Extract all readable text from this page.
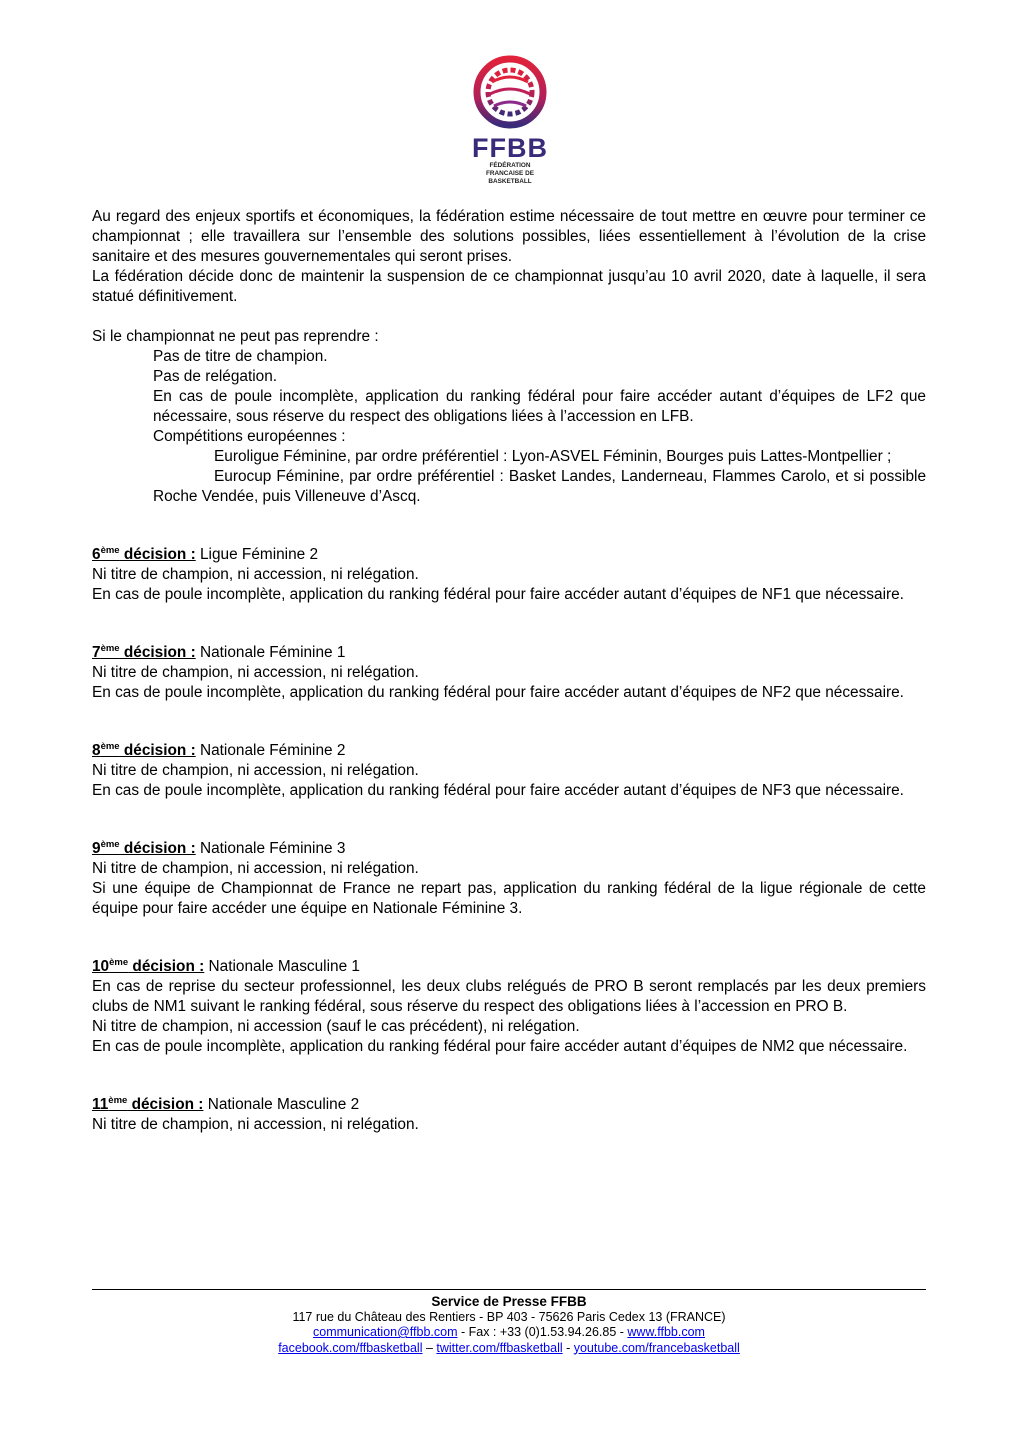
FFBB
FÉDÉRATION
FRANCAISE DE
BASKETBALL

Au regard des enjeux sportifs et économiques, la fédération estime nécessaire de tout mettre en œuvre pour terminer ce championnat ; elle travaillera sur l’ensemble des solutions possibles, liées essentiellement à l’évolution de la crise sanitaire et des mesures gouvernementales qui seront prises.

La fédération décide donc de maintenir la suspension de ce championnat jusqu’au 10 avril 2020, date à laquelle, il sera statué définitivement.

Si le championnat ne peut pas reprendre :

Pas de titre de champion.

Pas de relégation.

En cas de poule incomplète, application du ranking fédéral pour faire accéder autant d’équipes de LF2 que nécessaire, sous réserve du respect des obligations liées à l’accession en LFB.

Compétitions européennes :

Euroligue Féminine, par ordre préférentiel : Lyon-ASVEL Féminin, Bourges puis Lattes-Montpellier ;

Eurocup Féminine, par ordre préférentiel : Basket Landes, Landerneau, Flammes Carolo, et si possible Roche Vendée, puis Villeneuve d’Ascq.

6ème décision : Ligue Féminine 2

Ni titre de champion, ni accession, ni relégation.

En cas de poule incomplète, application du ranking fédéral pour faire accéder autant d’équipes de NF1 que nécessaire.

7ème décision : Nationale Féminine 1

Ni titre de champion, ni accession, ni relégation.

En cas de poule incomplète, application du ranking fédéral pour faire accéder autant d’équipes de NF2 que nécessaire.

8ème décision : Nationale Féminine 2

Ni titre de champion, ni accession, ni relégation.

En cas de poule incomplète, application du ranking fédéral pour faire accéder autant d’équipes de NF3 que nécessaire.

9ème décision : Nationale Féminine 3

Ni titre de champion, ni accession, ni relégation.

Si une équipe de Championnat de France ne repart pas, application du ranking fédéral de la ligue régionale de cette équipe pour faire accéder une équipe en Nationale Féminine 3.

10ème décision : Nationale Masculine 1

En cas de reprise du secteur professionnel, les deux clubs relégués de PRO B seront remplacés par les deux premiers clubs de NM1 suivant le ranking fédéral, sous réserve du respect des obligations liées à l’accession en PRO B.

Ni titre de champion, ni accession (sauf le cas précédent), ni relégation.

En cas de poule incomplète, application du ranking fédéral pour faire accéder autant d’équipes de NM2 que nécessaire.

11ème décision : Nationale Masculine 2

Ni titre de champion, ni accession, ni relégation.

Service de Presse FFBB
117 rue du Château des Rentiers - BP 403 - 75626 Paris Cedex 13 (FRANCE)
communication@ffbb.com - Fax : +33 (0)1.53.94.26.85 - www.ffbb.com
facebook.com/ffbasketball – twitter.com/ffbasketball - youtube.com/francebasketball
